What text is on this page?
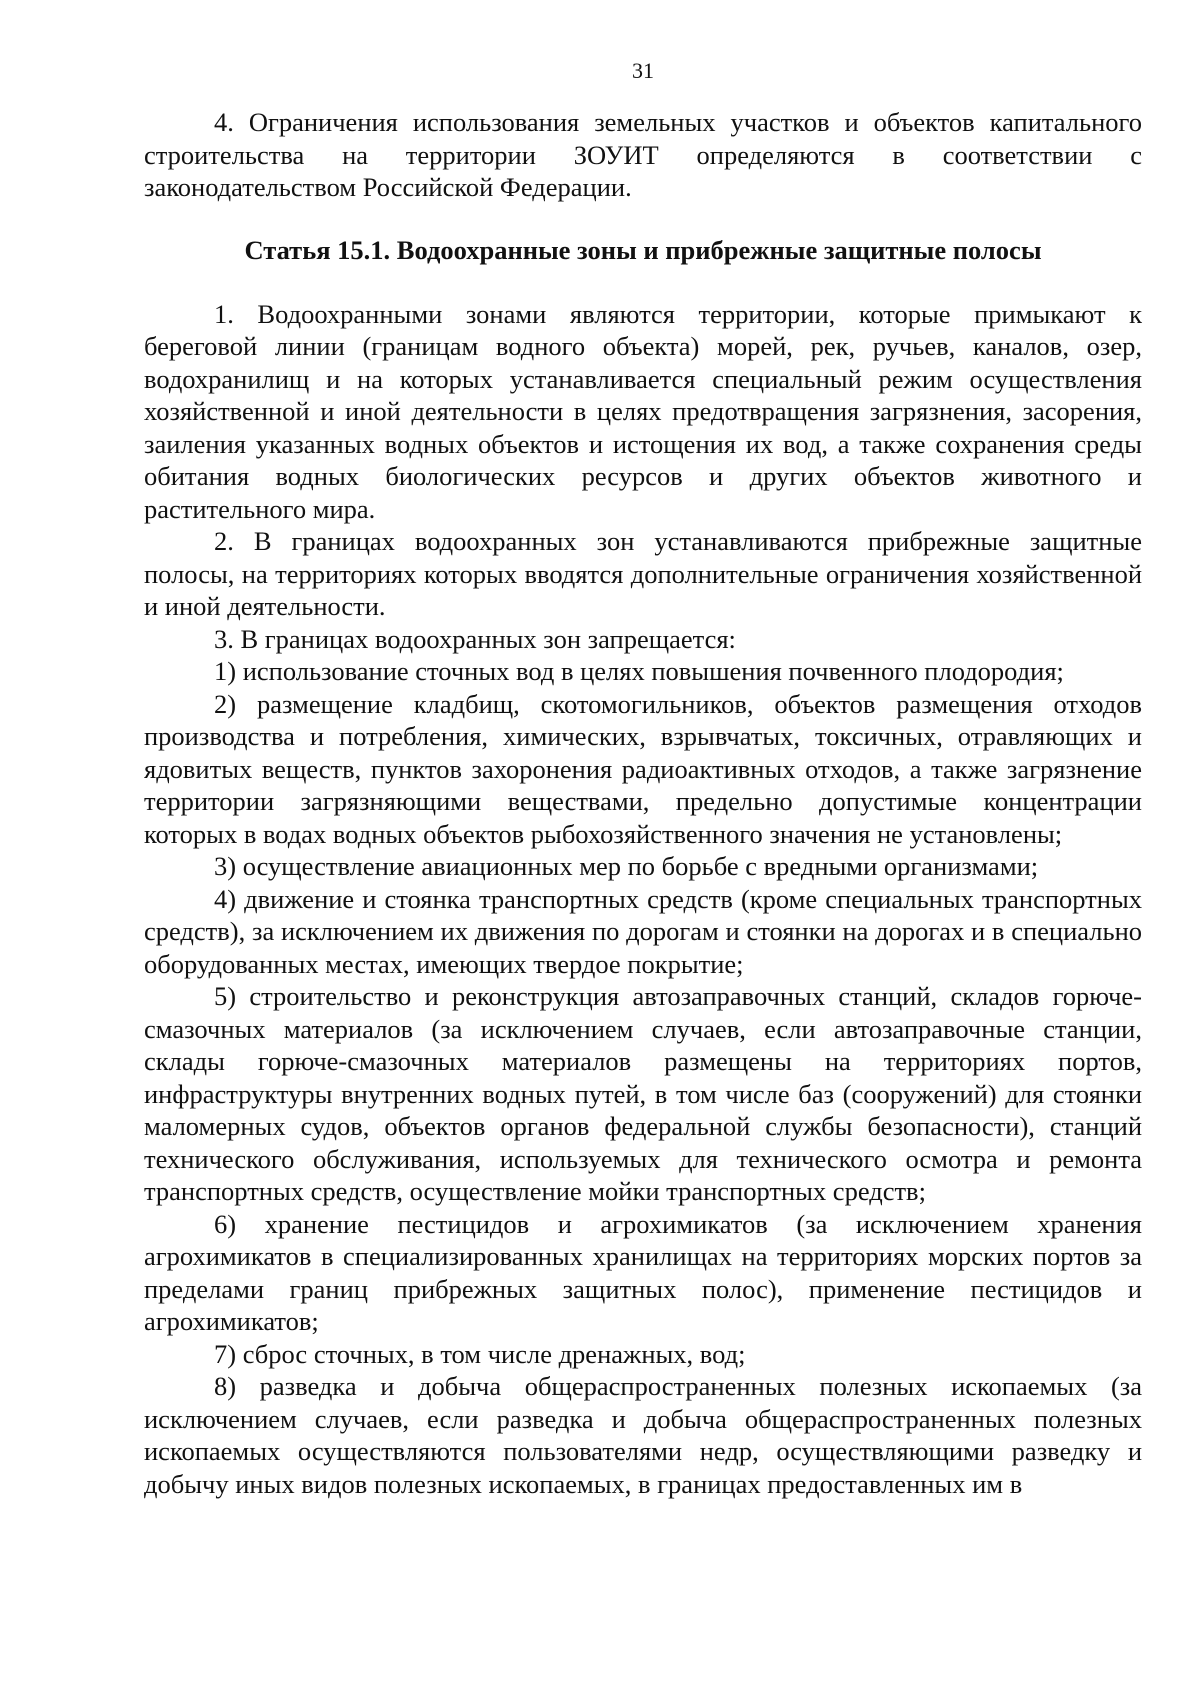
31

4. Ограничения использования земельных участков и объектов капитального строительства на территории ЗОУИТ определяются в соответствии с законодательством Российской Федерации.

Статья 15.1. Водоохранные зоны и прибрежные защитные полосы

1. Водоохранными зонами являются территории, которые примыкают к береговой линии (границам водного объекта) морей, рек, ручьев, каналов, озер, водохранилищ и на которых устанавливается специальный режим осуществления хозяйственной и иной деятельности в целях предотвращения загрязнения, засорения, заиления указанных водных объектов и истощения их вод, а также сохранения среды обитания водных биологических ресурсов и других объектов животного и растительного мира.

2. В границах водоохранных зон устанавливаются прибрежные защитные полосы, на территориях которых вводятся дополнительные ограничения хозяйственной и иной деятельности.

3. В границах водоохранных зон запрещается:

1) использование сточных вод в целях повышения почвенного плодородия;

2) размещение кладбищ, скотомогильников, объектов размещения отходов производства и потребления, химических, взрывчатых, токсичных, отравляющих и ядовитых веществ, пунктов захоронения радиоактивных отходов, а также загрязнение территории загрязняющими веществами, предельно допустимые концентрации которых в водах водных объектов рыбохозяйственного значения не установлены;

3) осуществление авиационных мер по борьбе с вредными организмами;

4) движение и стоянка транспортных средств (кроме специальных транспортных средств), за исключением их движения по дорогам и стоянки на дорогах и в специально оборудованных местах, имеющих твердое покрытие;

5) строительство и реконструкция автозаправочных станций, складов горюче-смазочных материалов (за исключением случаев, если автозаправочные станции, склады горюче-смазочных материалов размещены на территориях портов, инфраструктуры внутренних водных путей, в том числе баз (сооружений) для стоянки маломерных судов, объектов органов федеральной службы безопасности), станций технического обслуживания, используемых для технического осмотра и ремонта транспортных средств, осуществление мойки транспортных средств;

6) хранение пестицидов и агрохимикатов (за исключением хранения агрохимикатов в специализированных хранилищах на территориях морских портов за пределами границ прибрежных защитных полос), применение пестицидов и агрохимикатов;

7) сброс сточных, в том числе дренажных, вод;

8) разведка и добыча общераспространенных полезных ископаемых (за исключением случаев, если разведка и добыча общераспространенных полезных ископаемых осуществляются пользователями недр, осуществляющими разведку и добычу иных видов полезных ископаемых, в границах предоставленных им в
